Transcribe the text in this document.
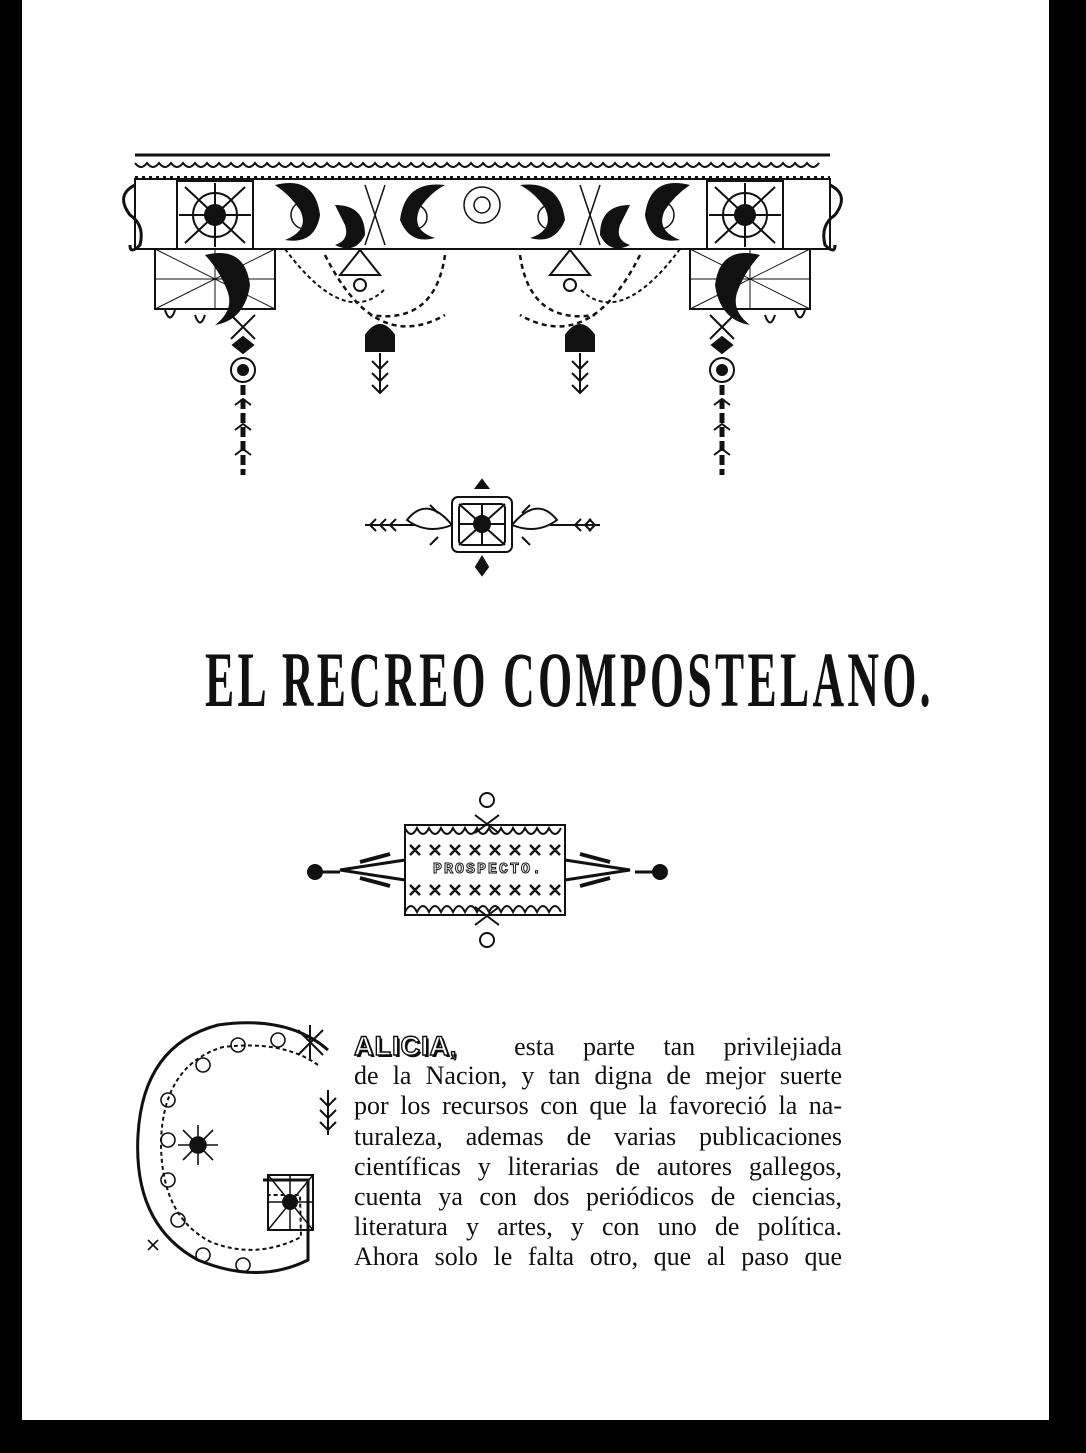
EL RECREO COMPOSTELANO.
PROSPECTO.
ALICIA, esta parte tan privilejiada
de la Nacion, y tan digna de mejor suerte
por los recursos con que la favoreció la na-
turaleza, ademas de varias publicaciones
científicas y literarias de autores gallegos,
cuenta ya con dos periódicos de ciencias,
literatura y artes, y con uno de política.
Ahora solo le falta otro, que al paso que
